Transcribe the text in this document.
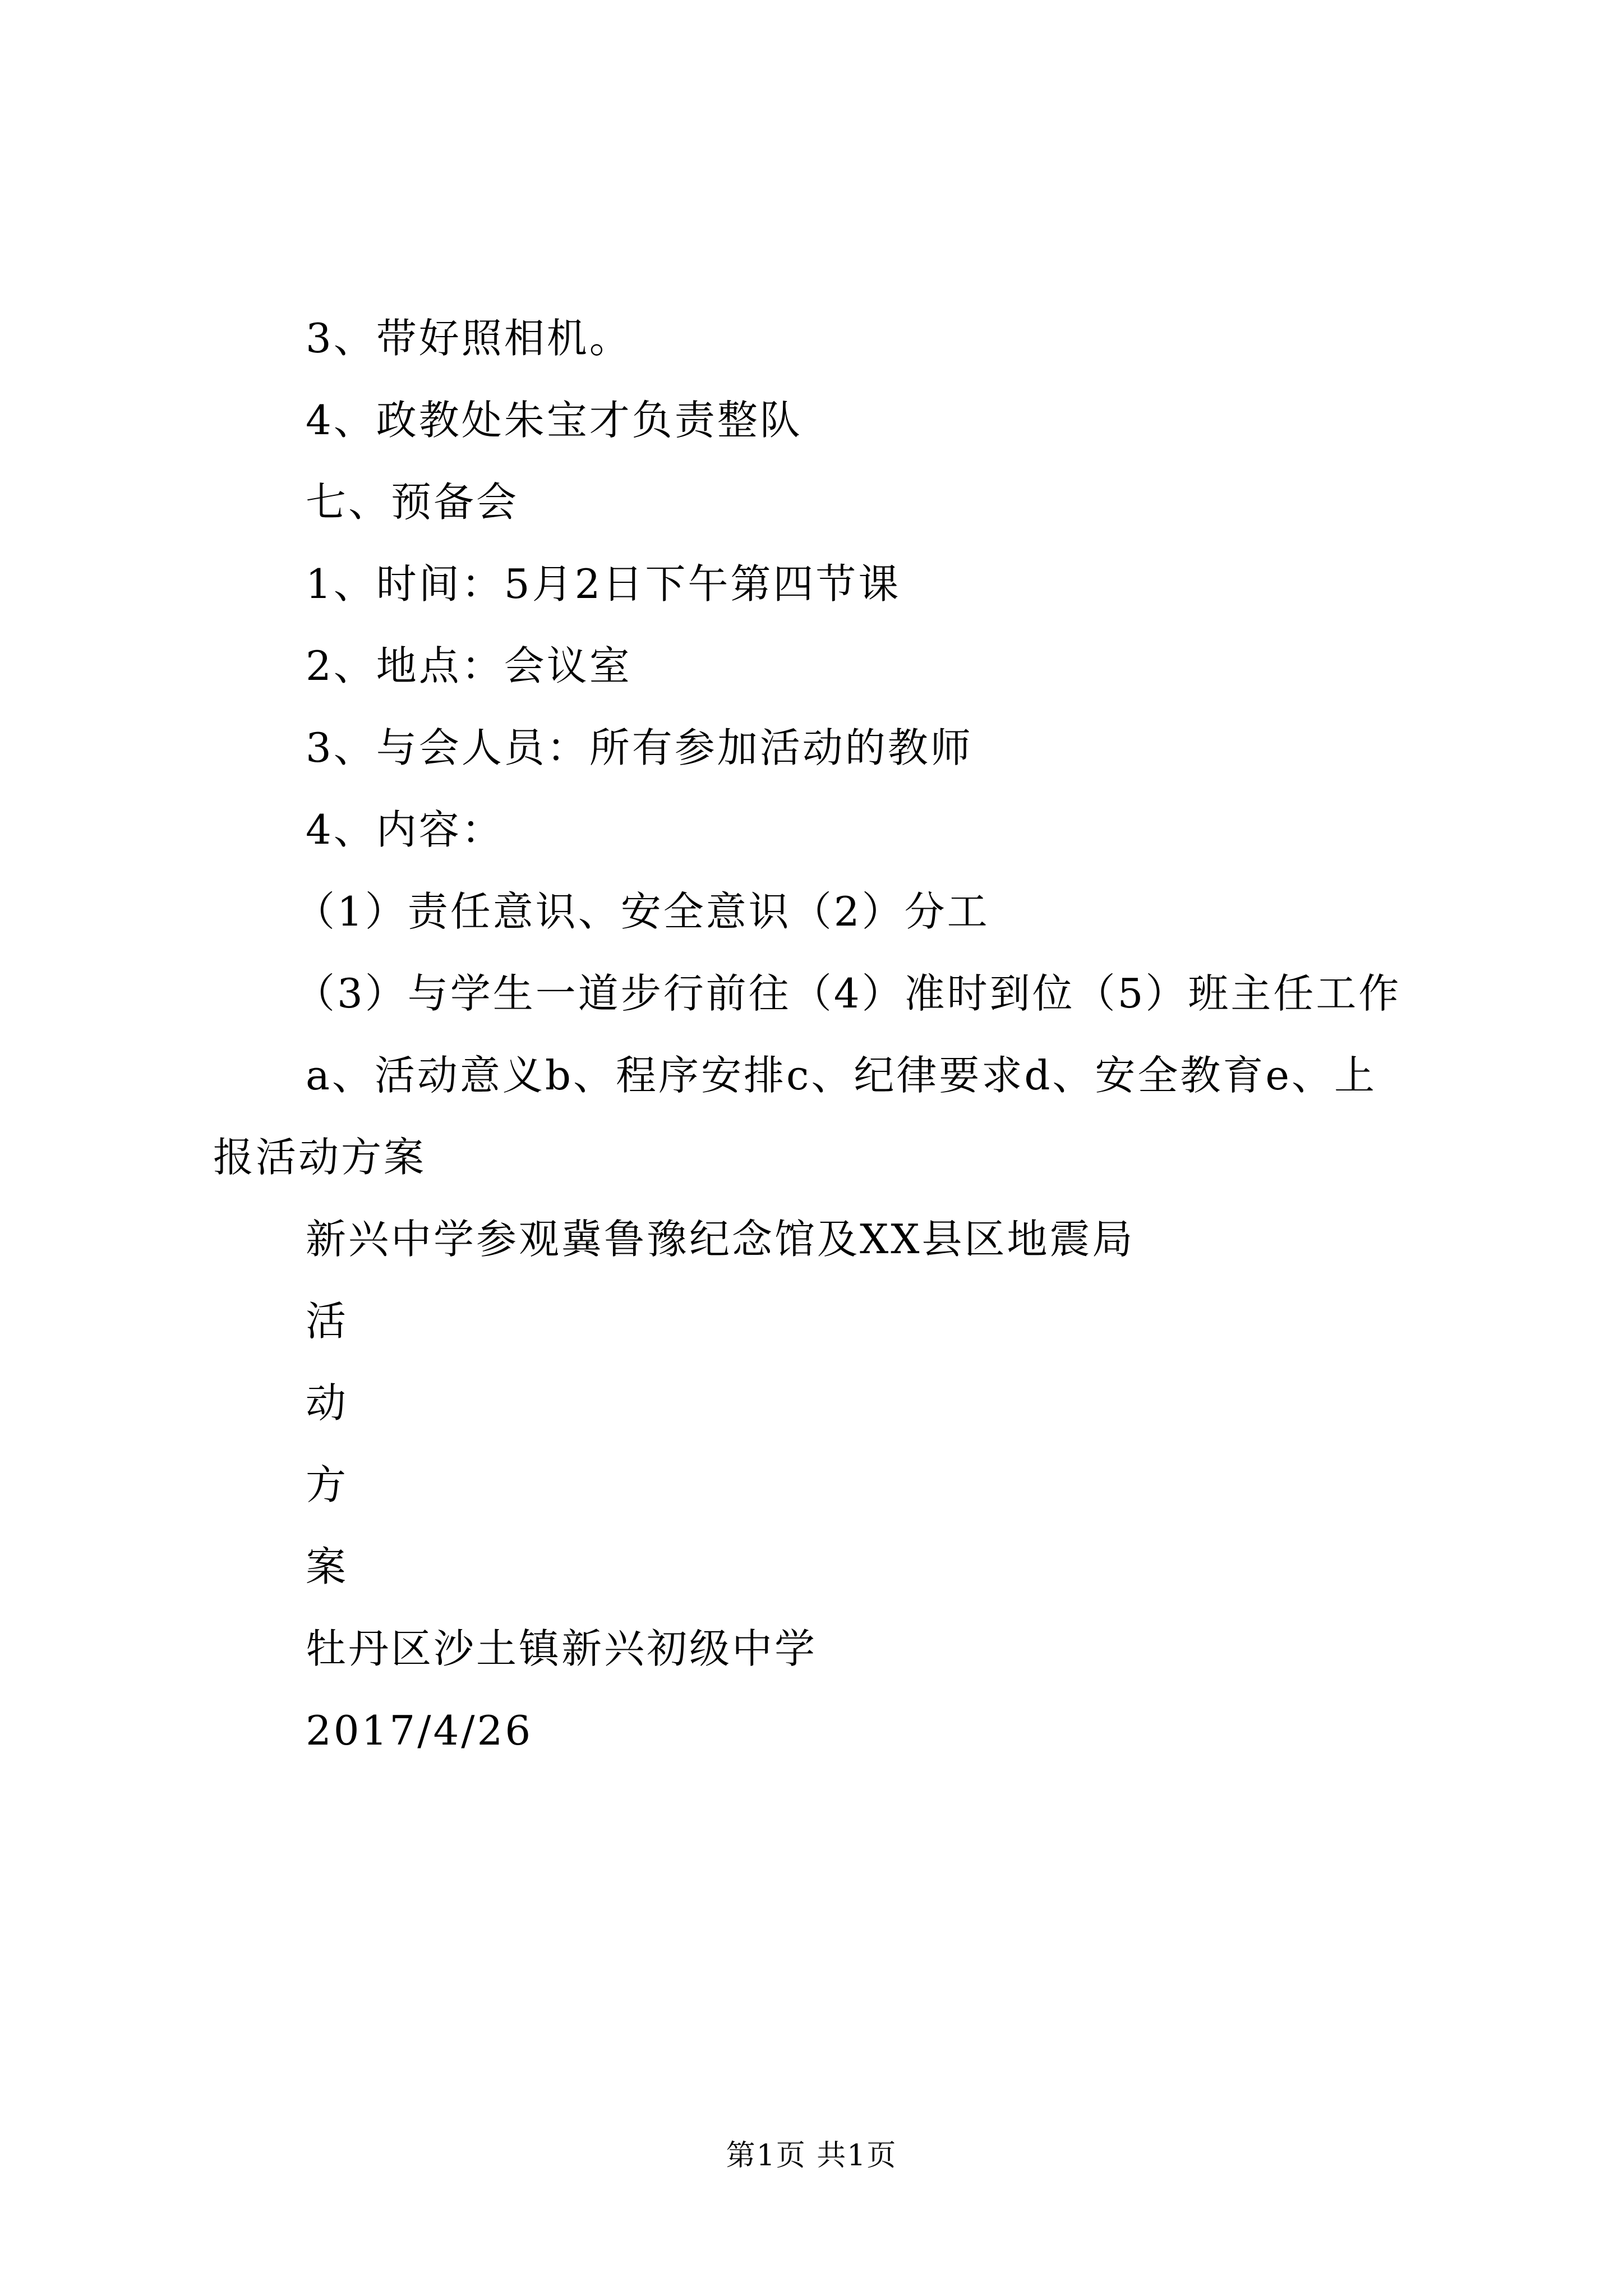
3、带好照相机。
4、政教处朱宝才负责整队
七、预备会
1、时间：5月2日下午第四节课
2、地点：会议室
3、与会人员：所有参加活动的教师
4、内容：
（1）责任意识、安全意识（2）分工
（3）与学生一道步行前往（4）准时到位（5）班主任工作
a、活动意义b、程序安排c、纪律要求d、安全教育e、上
报活动方案
新兴中学参观冀鲁豫纪念馆及XX县区地震局
活
动
方
案
牡丹区沙土镇新兴初级中学
2017/4/26
第1页 共1页
